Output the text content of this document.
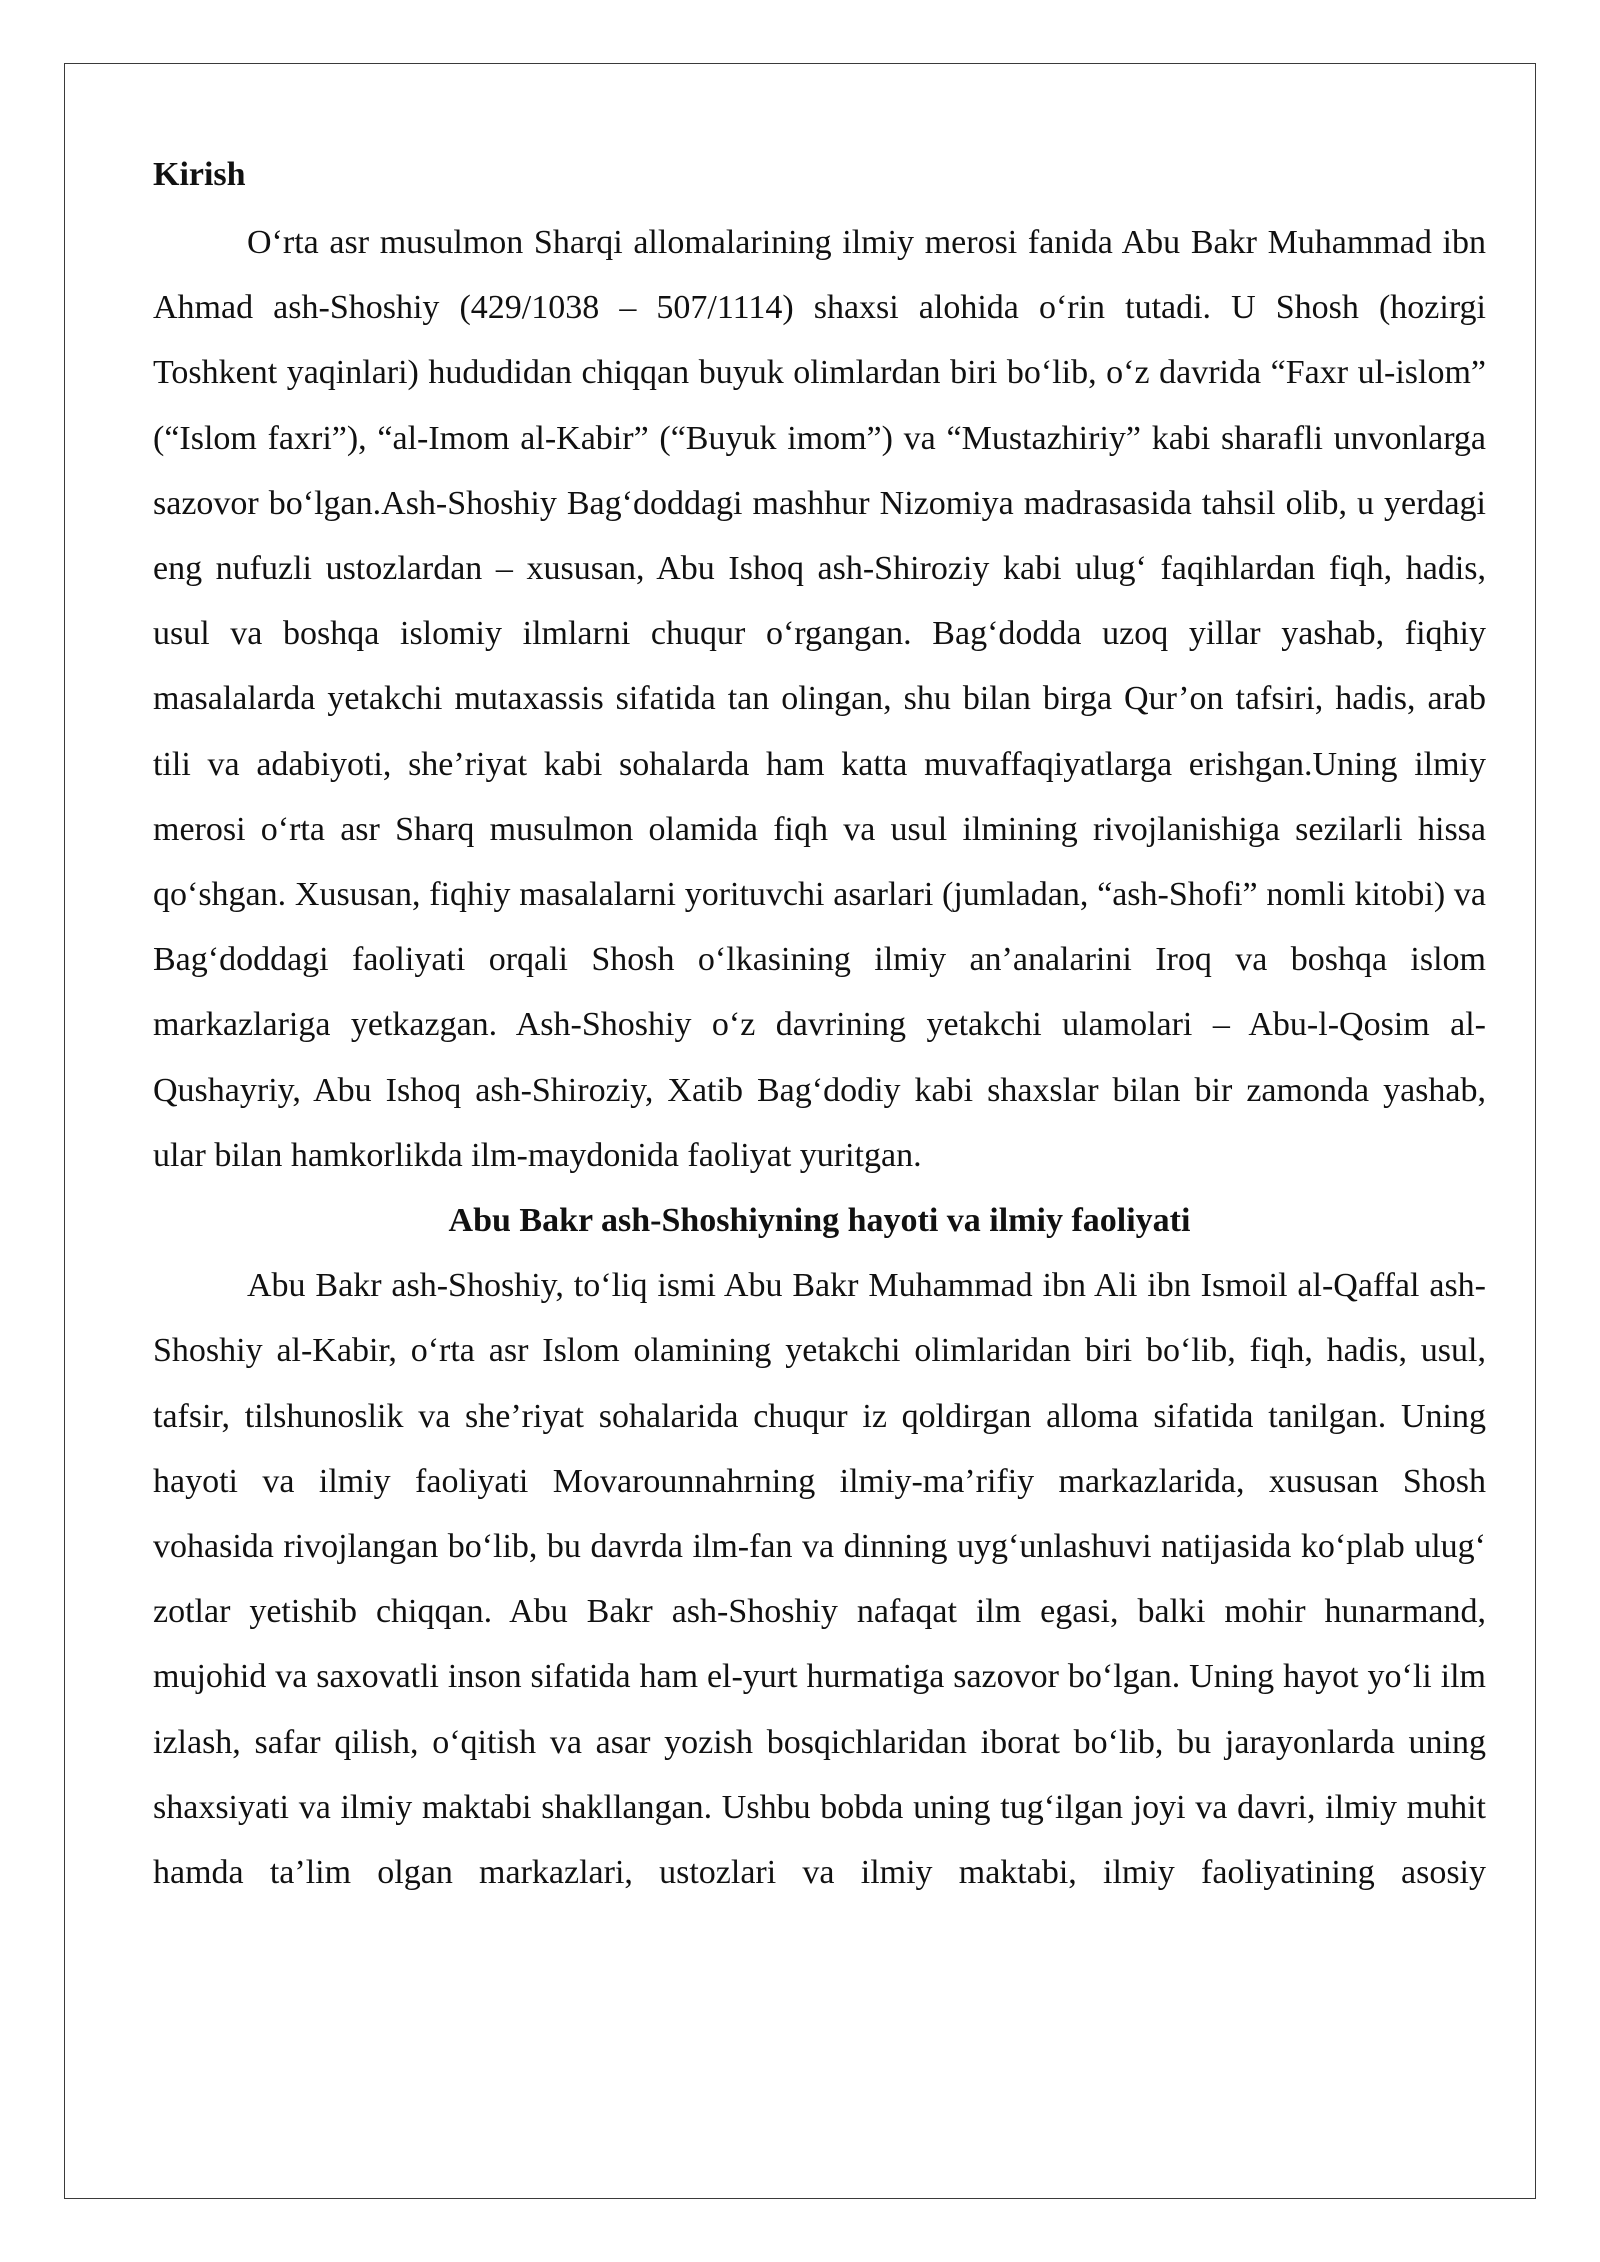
Kirish

O‘rta asr musulmon Sharqi allomalarining ilmiy merosi fanida Abu Bakr Muhammad ibn Ahmad ash-Shoshiy (429/1038 – 507/1114) shaxsi alohida o‘rin tutadi. U Shosh (hozirgi Toshkent yaqinlari) hududidan chiqqan buyuk olimlardan biri bo‘lib, o‘z davrida “Faxr ul-islom” (“Islom faxri”), “al-Imom al-Kabir” (“Buyuk imom”) va “Mustazhiriy” kabi sharafli unvonlarga sazovor bo‘lgan.Ash-Shoshiy Bag‘doddagi mashhur Nizomiya madrasasida tahsil olib, u yerdagi eng nufuzli ustozlardan – xususan, Abu Ishoq ash-Shiroziy kabi ulug‘ faqihlardan fiqh, hadis, usul va boshqa islomiy ilmlarni chuqur o‘rgangan. Bag‘dodda uzoq yillar yashab, fiqhiy masalalarda yetakchi mutaxassis sifatida tan olingan, shu bilan birga Qur’on tafsiri, hadis, arab tili va adabiyoti, she’riyat kabi sohalarda ham katta muvaffaqiyatlarga erishgan.Uning ilmiy merosi o‘rta asr Sharq musulmon olamida fiqh va usul ilmining rivojlanishiga sezilarli hissa qo‘shgan. Xususan, fiqhiy masalalarni yorituvchi asarlari (jumladan, “ash-Shofi” nomli kitobi) va Bag‘doddagi faoliyati orqali Shosh o‘lkasining ilmiy an’analarini Iroq va boshqa islom markazlariga yetkazgan. Ash-Shoshiy o‘z davrining yetakchi ulamolari – Abu-l-Qosim al-Qushayriy, Abu Ishoq ash-Shiroziy, Xatib Bag‘dodiy kabi shaxslar bilan bir zamonda yashab, ular bilan hamkorlikda ilm-maydonida faoliyat yuritgan.

Abu Bakr ash-Shoshiyning hayoti va ilmiy faoliyati

Abu Bakr ash-Shoshiy, to‘liq ismi Abu Bakr Muhammad ibn Ali ibn Ismoil al-Qaffal ash-Shoshiy al-Kabir, o‘rta asr Islom olamining yetakchi olimlaridan biri bo‘lib, fiqh, hadis, usul, tafsir, tilshunoslik va she’riyat sohalarida chuqur iz qoldirgan alloma sifatida tanilgan. Uning hayoti va ilmiy faoliyati Movarounnahrning ilmiy-ma’rifiy markazlarida, xususan Shosh vohasida rivojlangan bo‘lib, bu davrda ilm-fan va dinning uyg‘unlashuvi natijasida ko‘plab ulug‘ zotlar yetishib chiqqan. Abu Bakr ash-Shoshiy nafaqat ilm egasi, balki mohir hunarmand, mujohid va saxovatli inson sifatida ham el-yurt hurmatiga sazovor bo‘lgan. Uning hayot yo‘li ilm izlash, safar qilish, o‘qitish va asar yozish bosqichlaridan iborat bo‘lib, bu jarayonlarda uning shaxsiyati va ilmiy maktabi shakllangan. Ushbu bobda uning tug‘ilgan joyi va davri, ilmiy muhit hamda ta’lim olgan markazlari, ustozlari va ilmiy maktabi, ilmiy faoliyatining asosiy
